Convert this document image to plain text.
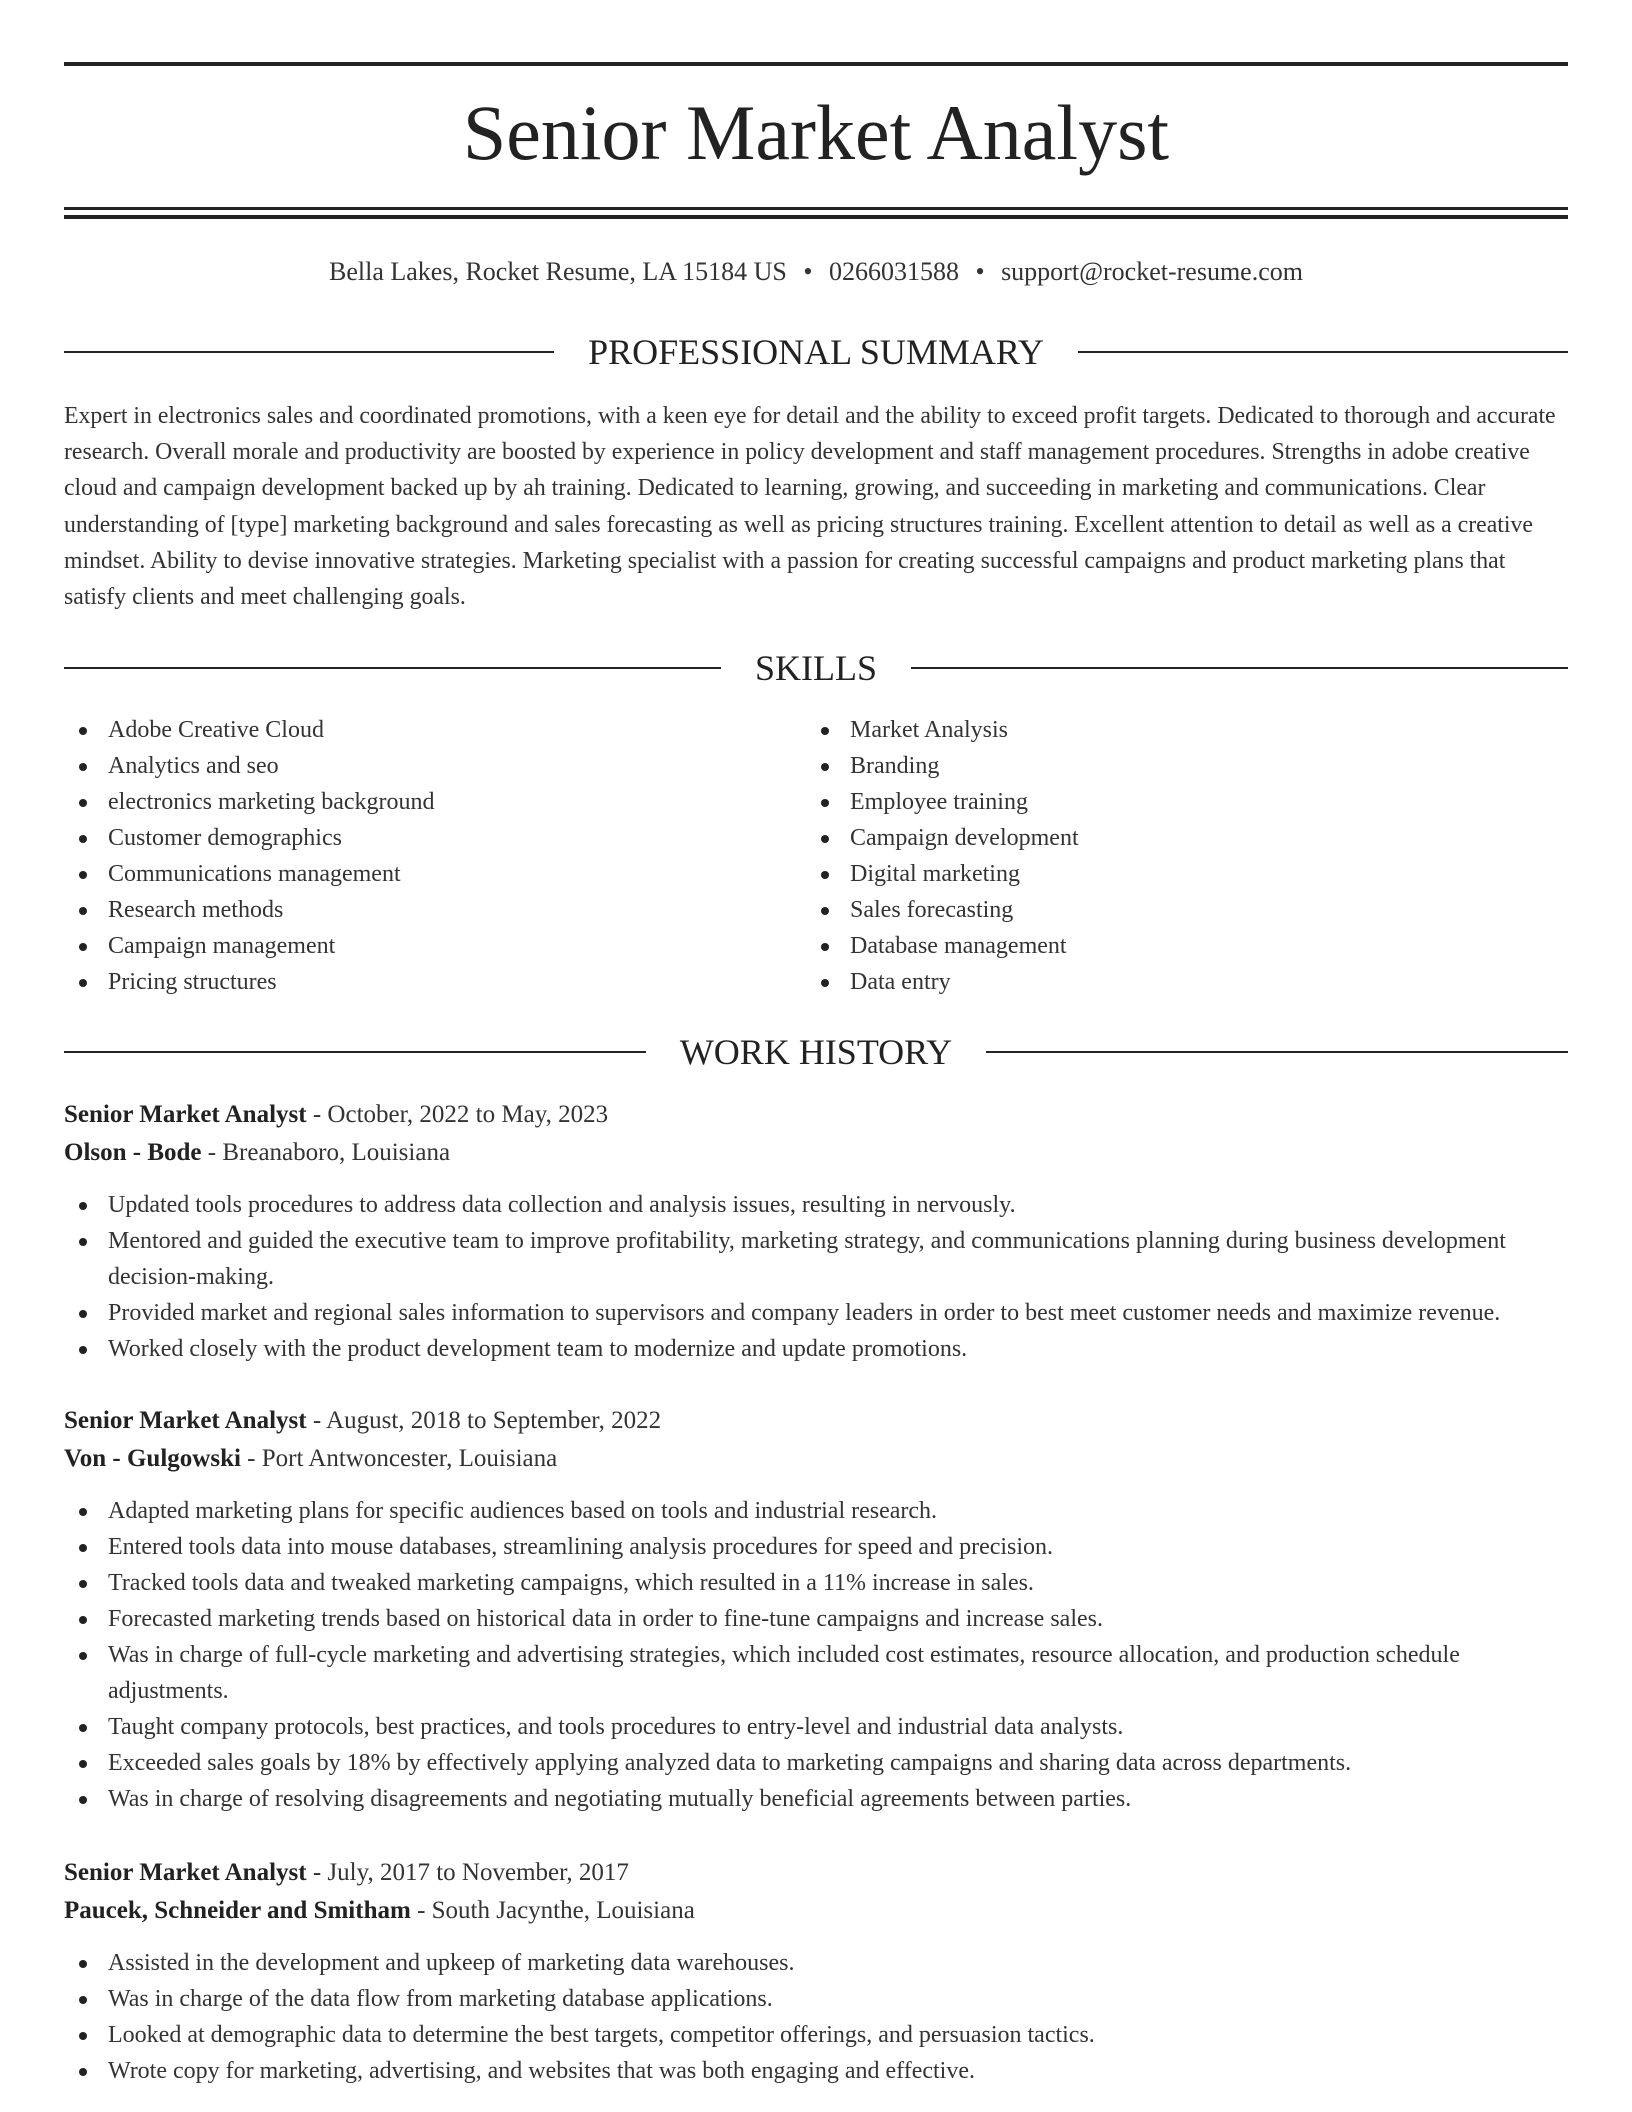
Senior Market Analyst
Bella Lakes, Rocket Resume, LA 15184 US • 0266031588 • support@rocket-resume.com
PROFESSIONAL SUMMARY

Expert in electronics sales and coordinated promotions, with a keen eye for detail and the ability to exceed profit targets. Dedicated to thorough and accurate research. Overall morale and productivity are boosted by experience in policy development and staff management procedures. Strengths in adobe creative cloud and campaign development backed up by ah training. Dedicated to learning, growing, and succeeding in marketing and communications. Clear understanding of [type] marketing background and sales forecasting as well as pricing structures training. Excellent attention to detail as well as a creative mindset. Ability to devise innovative strategies. Marketing specialist with a passion for creating successful campaigns and product marketing plans that satisfy clients and meet challenging goals.

SKILLS
Adobe Creative Cloud
Analytics and seo
electronics marketing background
Customer demographics
Communications management
Research methods
Campaign management
Pricing structures
Market Analysis
Branding
Employee training
Campaign development
Digital marketing
Sales forecasting
Database management
Data entry
WORK HISTORY
Senior Market Analyst - October, 2022 to May, 2023
Olson - Bode - Breanaboro, Louisiana
Updated tools procedures to address data collection and analysis issues, resulting in nervously.
Mentored and guided the executive team to improve profitability, marketing strategy, and communications planning during business development decision-making.
Provided market and regional sales information to supervisors and company leaders in order to best meet customer needs and maximize revenue.
Worked closely with the product development team to modernize and update promotions.
Senior Market Analyst - August, 2018 to September, 2022
Von - Gulgowski - Port Antwoncester, Louisiana
Adapted marketing plans for specific audiences based on tools and industrial research.
Entered tools data into mouse databases, streamlining analysis procedures for speed and precision.
Tracked tools data and tweaked marketing campaigns, which resulted in a 11% increase in sales.
Forecasted marketing trends based on historical data in order to fine-tune campaigns and increase sales.
Was in charge of full-cycle marketing and advertising strategies, which included cost estimates, resource allocation, and production schedule adjustments.
Taught company protocols, best practices, and tools procedures to entry-level and industrial data analysts.
Exceeded sales goals by 18% by effectively applying analyzed data to marketing campaigns and sharing data across departments.
Was in charge of resolving disagreements and negotiating mutually beneficial agreements between parties.
Senior Market Analyst - July, 2017 to November, 2017
Paucek, Schneider and Smitham - South Jacynthe, Louisiana
Assisted in the development and upkeep of marketing data warehouses.
Was in charge of the data flow from marketing database applications.
Looked at demographic data to determine the best targets, competitor offerings, and persuasion tactics.
Wrote copy for marketing, advertising, and websites that was both engaging and effective.
